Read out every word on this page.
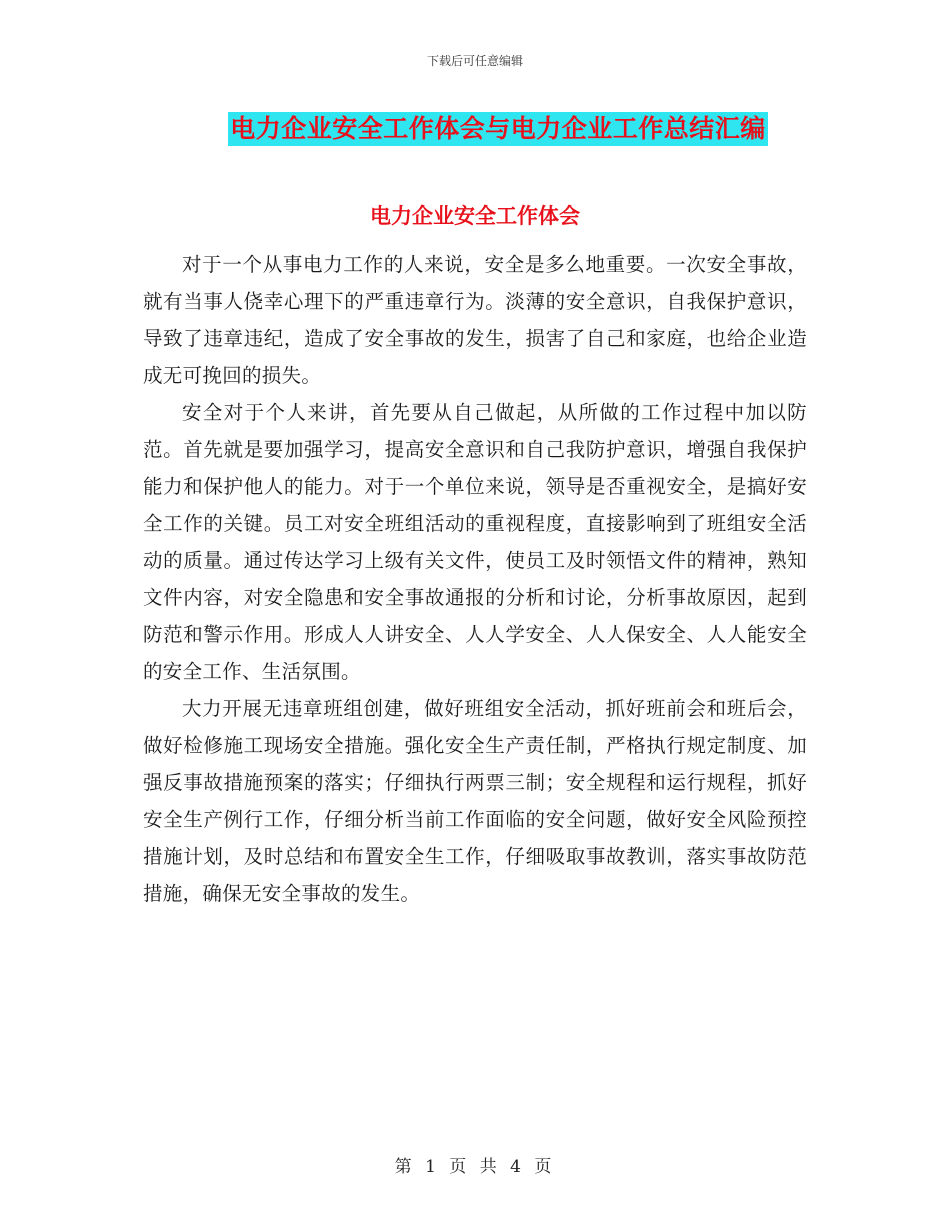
下载后可任意编辑
电力企业安全工作体会与电力企业工作总结汇编
电力企业安全工作体会

对于一个从事电力工作的人来说，安全是多么地重要。一次安全事故，就有当事人侥幸心理下的严重违章行为。淡薄的安全意识，自我保护意识，导致了违章违纪，造成了安全事故的发生，损害了自己和家庭，也给企业造成无可挽回的损失。

安全对于个人来讲，首先要从自己做起，从所做的工作过程中加以防范。首先就是要加强学习，提高安全意识和自己我防护意识，增强自我保护能力和保护他人的能力。对于一个单位来说，领导是否重视安全，是搞好安全工作的关键。员工对安全班组活动的重视程度，直接影响到了班组安全活动的质量。通过传达学习上级有关文件，使员工及时领悟文件的精神，熟知文件内容，对安全隐患和安全事故通报的分析和讨论，分析事故原因，起到防范和警示作用。形成人人讲安全、人人学安全、人人保安全、人人能安全的安全工作、生活氛围。

大力开展无违章班组创建，做好班组安全活动，抓好班前会和班后会，做好检修施工现场安全措施。强化安全生产责任制，严格执行规定制度、加强反事故措施预案的落实；仔细执行两票三制；安全规程和运行规程，抓好安全生产例行工作，仔细分析当前工作面临的安全问题，做好安全风险预控措施计划，及时总结和布置安全生工作，仔细吸取事故教训，落实事故防范措施，确保无安全事故的发生。

第 1 页 共 4 页
